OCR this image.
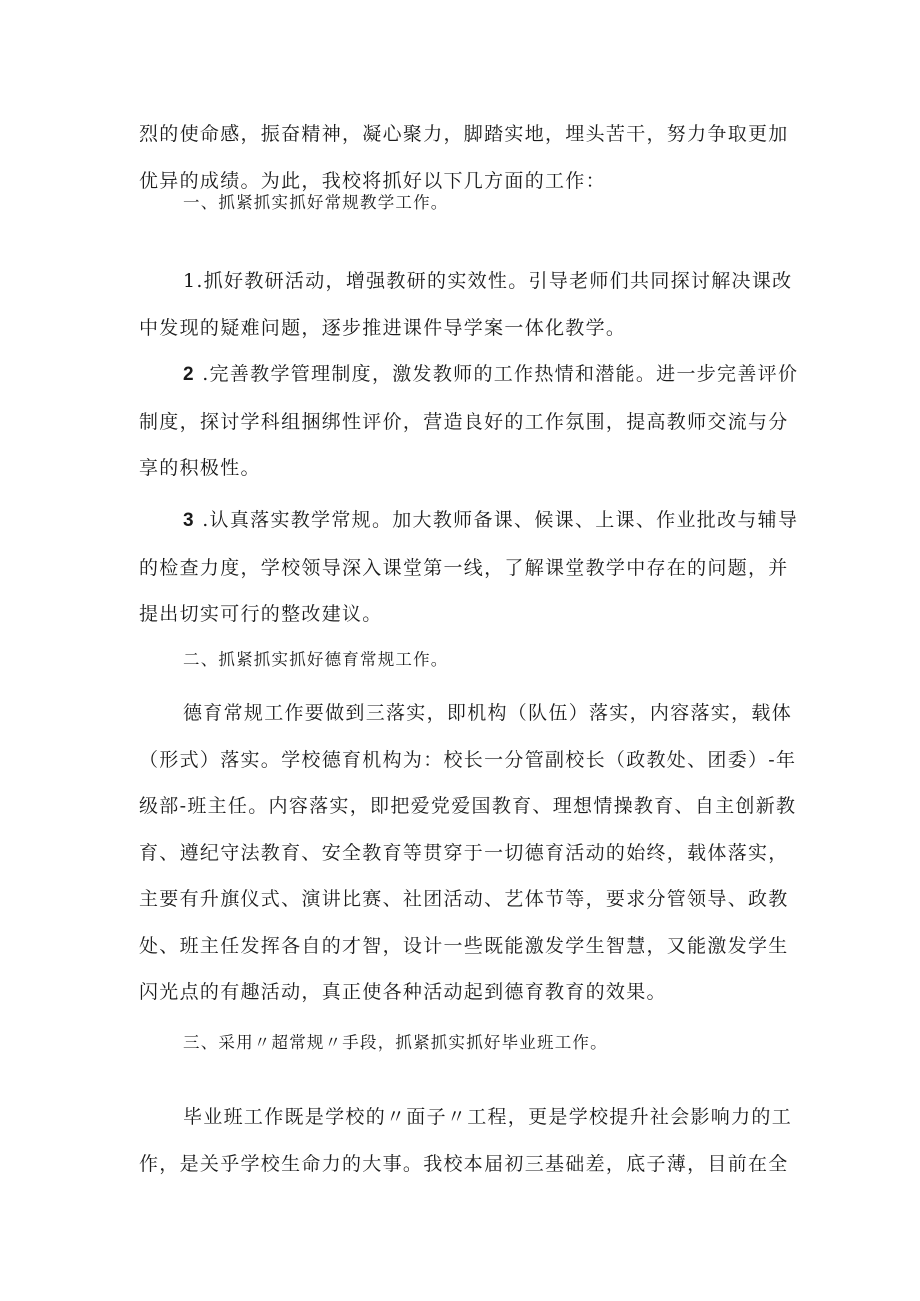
烈的使命感，振奋精神，凝心聚力，脚踏实地，埋头苦干，努力争取更加优异的成绩。为此，我校将抓好以下几方面的工作：

一、抓紧抓实抓好常规教学工作。

1.抓好教研活动，增强教研的实效性。引导老师们共同探讨解决课改中发现的疑难问题，逐步推进课件导学案一体化教学。

2 .完善教学管理制度，激发教师的工作热情和潜能。进一步完善评价制度，探讨学科组捆绑性评价，营造良好的工作氛围，提高教师交流与分享的积极性。

3 .认真落实教学常规。加大教师备课、候课、上课、作业批改与辅导的检查力度，学校领导深入课堂第一线，了解课堂教学中存在的问题，并提出切实可行的整改建议。

二、抓紧抓实抓好德育常规工作。

德育常规工作要做到三落实，即机构（队伍）落实，内容落实，载体（形式）落实。学校德育机构为：校长一分管副校长（政教处、团委）-年级部-班主任。内容落实，即把爱党爱国教育、理想情操教育、自主创新教育、遵纪守法教育、安全教育等贯穿于一切德育活动的始终，载体落实，主要有升旗仪式、演讲比赛、社团活动、艺体节等，要求分管领导、政教处、班主任发挥各自的才智，设计一些既能激发学生智慧，又能激发学生闪光点的有趣活动，真正使各种活动起到德育教育的效果。

三、采用〃超常规〃手段，抓紧抓实抓好毕业班工作。

毕业班工作既是学校的〃面子〃工程，更是学校提升社会影响力的工作，是关乎学校生命力的大事。我校本届初三基础差，底子薄，目前在全
